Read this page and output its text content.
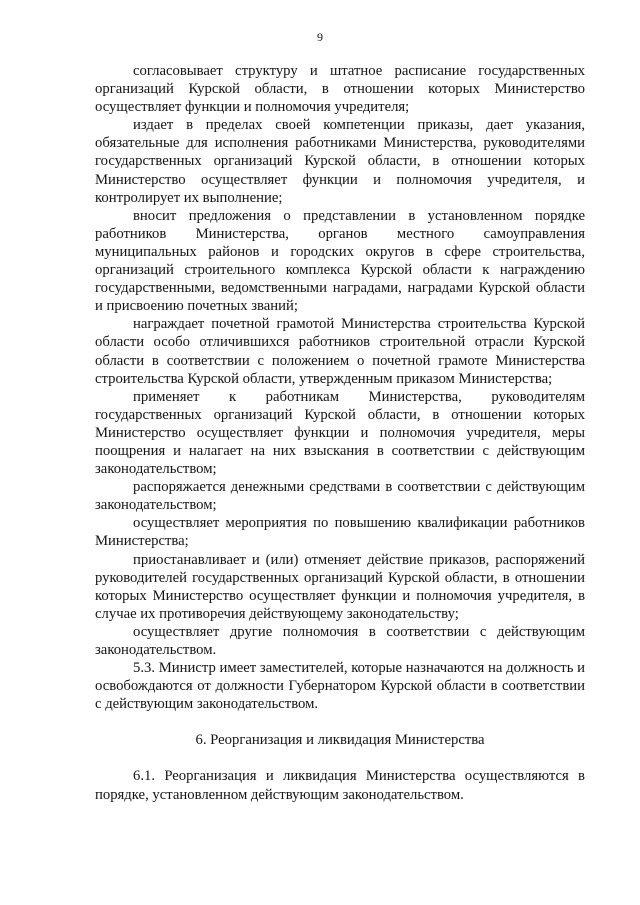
9

согласовывает структуру и штатное расписание государственных организаций Курской области, в отношении которых Министерство осуществляет функции и полномочия учредителя;

издает в пределах своей компетенции приказы, дает указания, обязательные для исполнения работниками Министерства, руководителями государственных организаций Курской области, в отношении которых Министерство осуществляет функции и полномочия учредителя, и контролирует их выполнение;

вносит предложения о представлении в установленном порядке работников Министерства, органов местного самоуправления муниципальных районов и городских округов в сфере строительства, организаций строительного комплекса Курской области к награждению государственными, ведомственными наградами, наградами Курской области и присвоению почетных званий;

награждает почетной грамотой Министерства строительства Курской области особо отличившихся работников строительной отрасли Курской области в соответствии с положением о почетной грамоте Министерства строительства Курской области, утвержденным приказом Министерства;

применяет к работникам Министерства, руководителям государственных организаций Курской области, в отношении которых Министерство осуществляет функции и полномочия учредителя, меры поощрения и налагает на них взыскания в соответствии с действующим законодательством;

распоряжается денежными средствами в соответствии с действующим законодательством;

осуществляет мероприятия по повышению квалификации работников Министерства;

приостанавливает и (или) отменяет действие приказов, распоряжений руководителей государственных организаций Курской области, в отношении которых Министерство осуществляет функции и полномочия учредителя, в случае их противоречия действующему законодательству;

осуществляет другие полномочия в соответствии с действующим законодательством.

5.3. Министр имеет заместителей, которые назначаются на должность и освобождаются от должности Губернатором Курской области в соответствии с действующим законодательством.

6. Реорганизация и ликвидация Министерства

6.1. Реорганизация и ликвидация Министерства осуществляются в порядке, установленном действующим законодательством.
